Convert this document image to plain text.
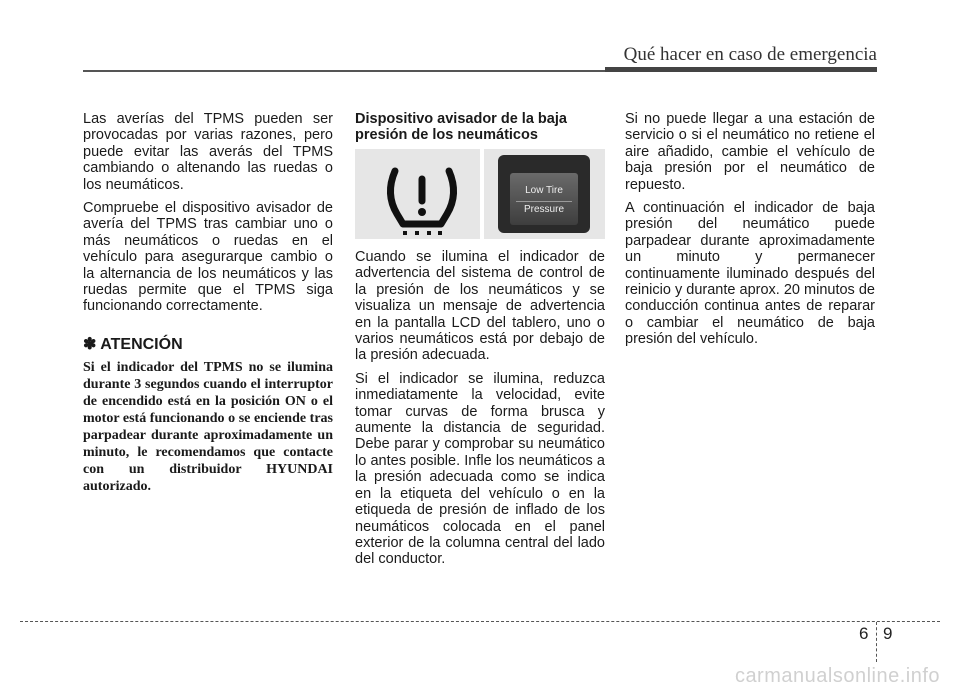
Qué hacer en caso de emergencia

Las averías del TPMS pueden ser provocadas por varias razones, pero puede evitar las averás del TPMS cambiando o altenando las ruedas o los neumáticos.

Compruebe el dispositivo avisador de avería del TPMS tras cambiar uno o más neumáticos o ruedas en el vehículo para asegurarque cambio o la alternancia de los neumáticos y las ruedas permite que el TPMS siga funcionando correctamente.

✽ ATENCIÓN

Si el indicador del TPMS no se ilumina durante 3 segundos cuando el interruptor de encendido está en la posición ON o el motor está funcionando o se enciende tras parpadear durante aproximadamente un minuto, le recomendamos que contacte con un distribuidor HYUNDAI autorizado.

Dispositivo avisador de la baja presión de los neumáticos
Low Tire
Pressure

Cuando se ilumina el indicador de advertencia del sistema de control de la presión de los neumáticos y se visualiza un mensaje de advertencia en la pantalla LCD del tablero, uno o varios neumáticos está por debajo de la presión adecuada.

Si el indicador se ilumina, reduzca inmediatamente la velocidad, evite tomar curvas de forma brusca y aumente la distancia de seguridad. Debe parar y comprobar su neumático lo antes posible. Infle los neumáticos a la presión adecuada como se indica en la etiqueta del vehículo o en la etiqueda de presión de inflado de los neumáticos colocada en el panel exterior de la columna central del lado del conductor.

Si no puede llegar a una estación de servicio o si el neumático no retiene el aire añadido, cambie el vehículo de baja presión por el neumático de repuesto.

A continuación el indicador de baja presión del neumático puede parpadear durante aproximadamente un minuto y permanecer continuamente iluminado después del reinicio y durante aprox. 20 minutos de conducción continua antes de reparar o cambiar el neumático de baja presión del vehículo.

6 9
carmanualsonline.info
